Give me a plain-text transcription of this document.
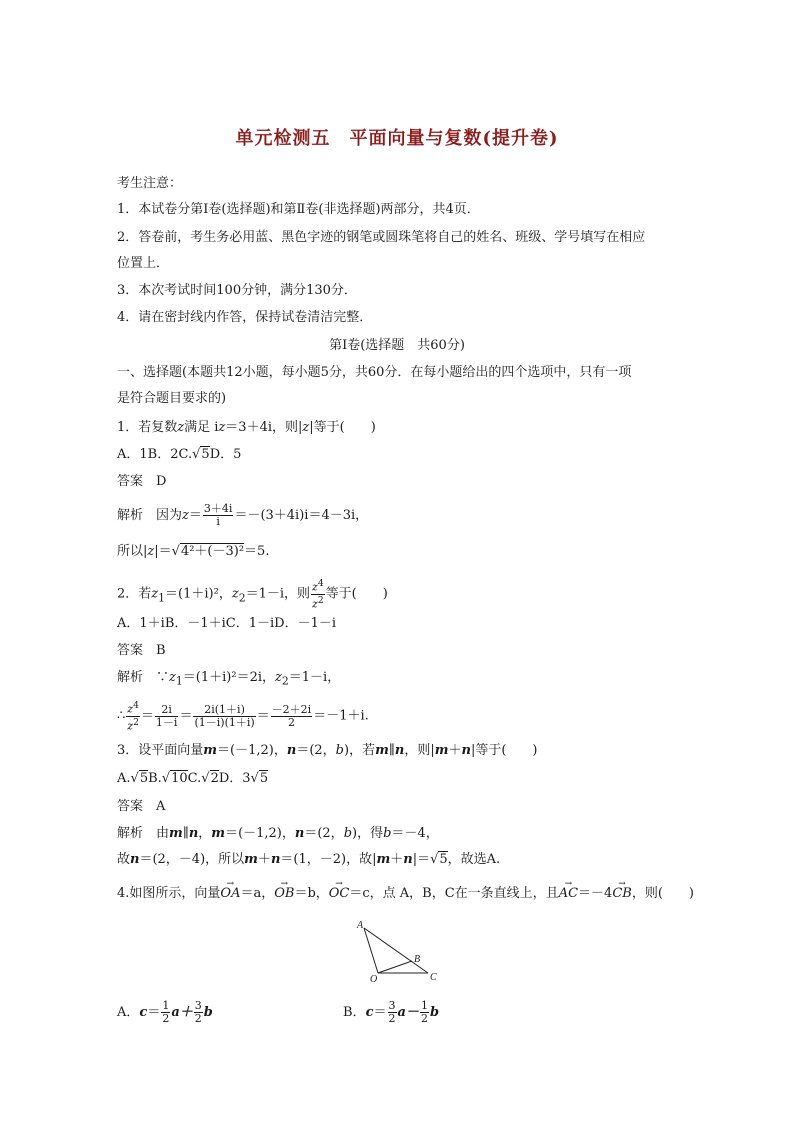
单元检测五　平面向量与复数(提升卷)
考生注意：
1．本试卷分第Ⅰ卷(选择题)和第Ⅱ卷(非选择题)两部分，共4页．
2．答卷前，考生务必用蓝、黑色字迹的钢笔或圆珠笔将自己的姓名、班级、学号填写在相应
位置上．
3．本次考试时间100分钟，满分130分．
4．请在密封线内作答，保持试卷清洁完整．
第Ⅰ卷(选择题　共60分)
一、选择题(本题共12小题，每小题5分，共60分．在每小题给出的四个选项中，只有一项
是符合题目要求的)
1．若复数z满足 iz＝3＋4i，则|z|等于(　　)
A．1B．2C.√5D．5
答案　 D
解析　 因为$z= \frac{3+4i}{i} =-(3+4i)i=4-3i$，
所以|z|＝√4²＋(－3)²＝5.
2．若$z_1=(1+i)^2$，$z_2=1-i$，则 $\frac{z^4}{z^2}$ 等于(　　)
A．1＋iB．－1＋iC．1－iD．－1－i
答案　 B
解析　 $\because z_1=(1+i)^2=2i$，$z_2=1-i$，
∴ $\frac{z^4}{z^2} = \frac{2i}{1-i} = \frac{2i(1+i)}{(1-i)(1+i)} = \frac{-2+2i}{2} =-1+i$.
3．设平面向量m＝(－1,2)，n＝(2，b)，若m∥n，则|m＋n|等于(　　)
A.√5B.√10C.√2D．3√5
答案　 A
解析　 由m∥n，m＝(－1,2)，n＝(2，b)，得b＝－4，
故n＝(2，－4)，所以m＋n＝(1，－2)，故|m＋n|＝√5，故选A.
4.如图所示，向量→ OA＝a，→ OB＝b，→ OC＝c，点 A，B，C在一条直线上，且→ AC＝－4→ CB，则(　　)
A
B
O	C
A．$c= \frac{1}{2} a+ \frac{3}{2}$ b	B．$c= \frac{3}{2} a- \frac{1}{2}$ b
